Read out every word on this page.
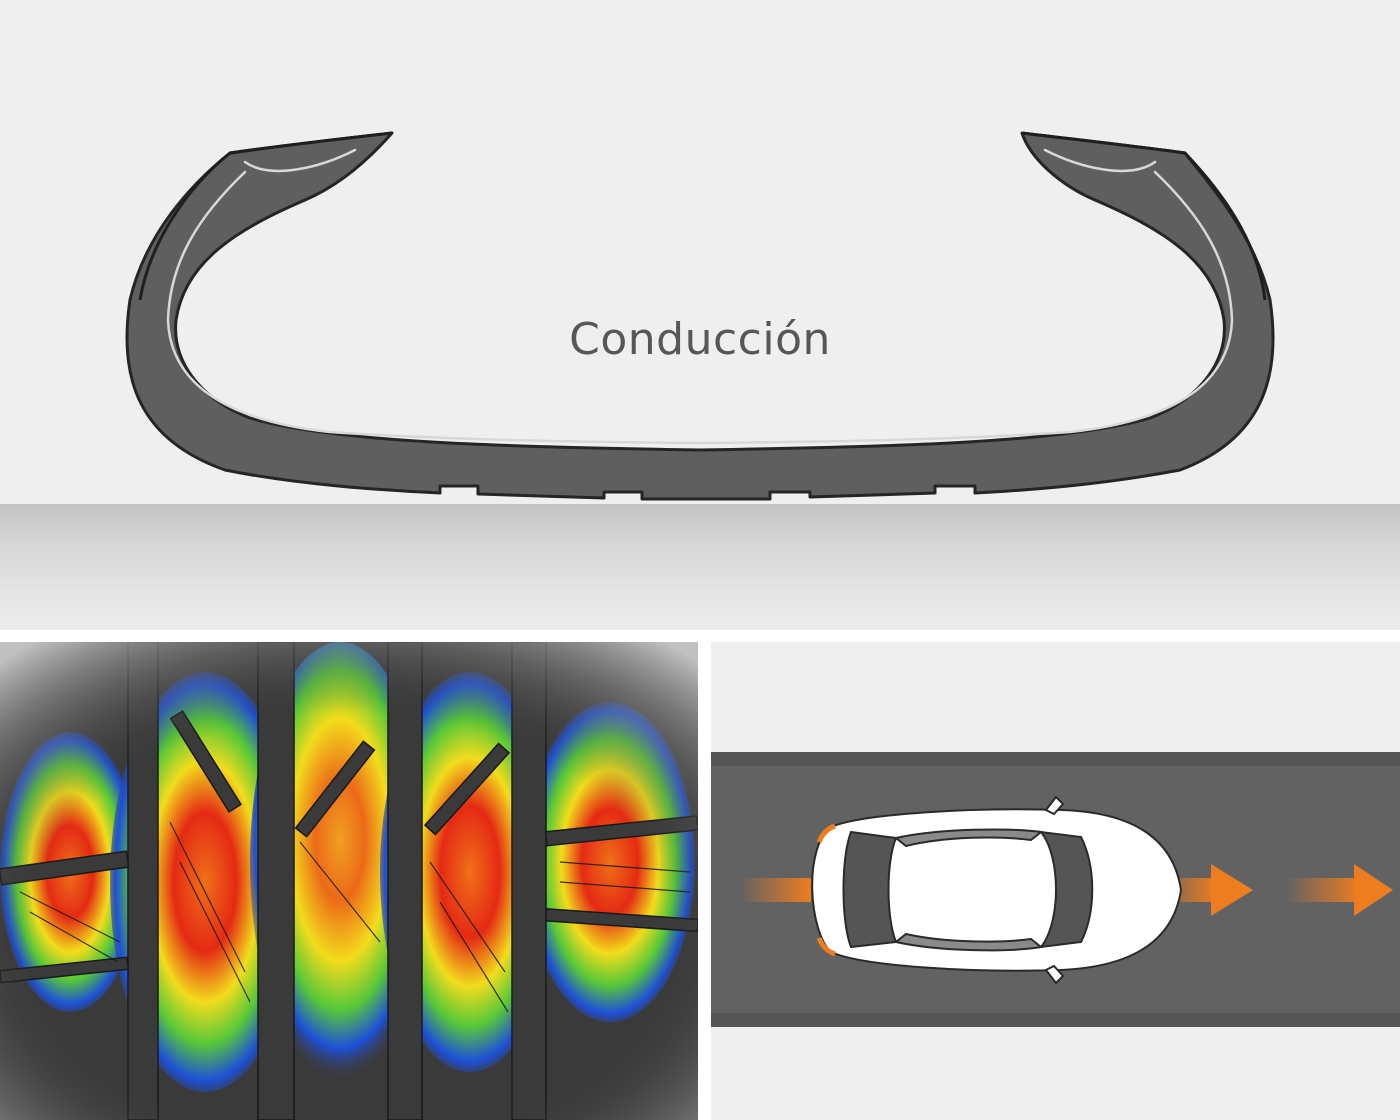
Conducción
